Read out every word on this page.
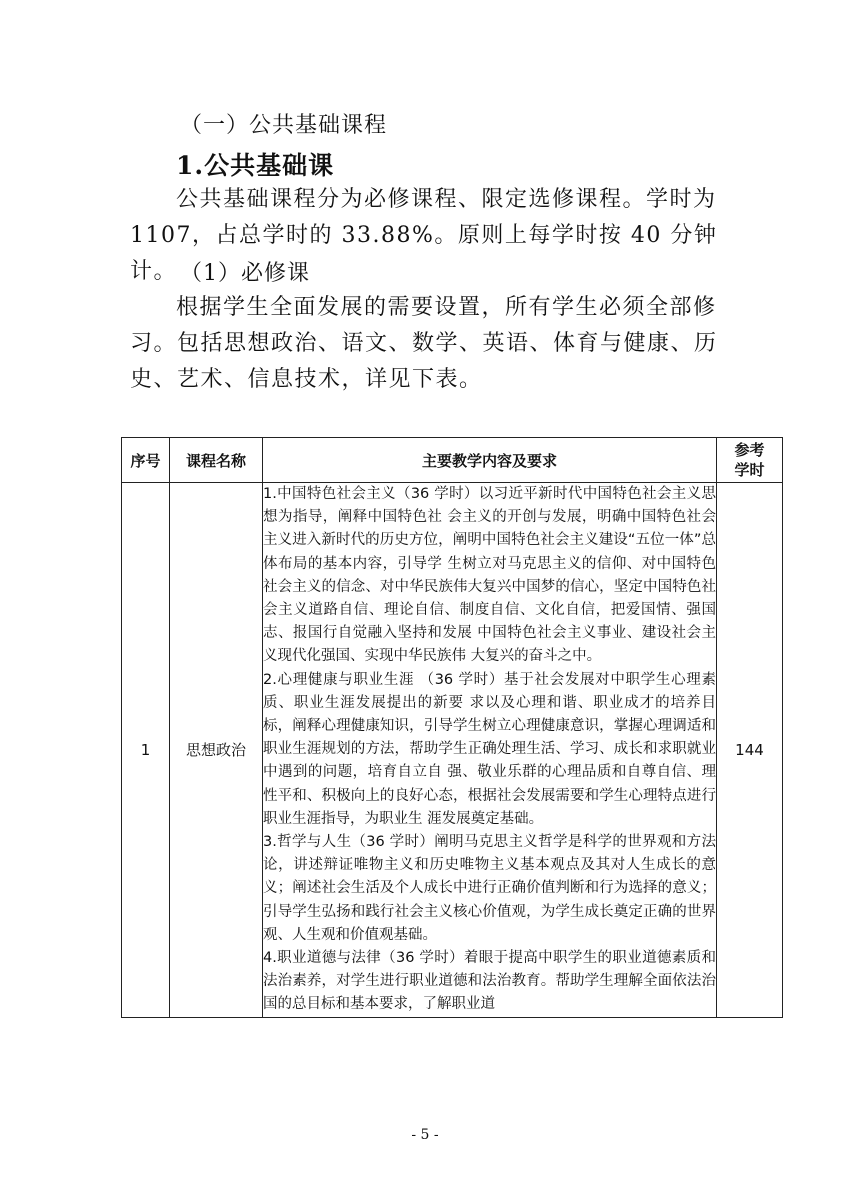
（一）公共基础课程
1.公共基础课
公共基础课程分为必修课程、限定选修课程。学时为1107，占总学时的 33.88%。原则上每学时按 40 分钟计。 （1）必修课
根据学生全面发展的需要设置，所有学生必须全部修习。包括思想政治、语文、数学、英语、体育与健康、历史、艺术、信息技术，详见下表。
序号	课程名称	主要教学内容及要求	参考学时
1	思想政治	1.中国特色社会主义（36 学时）以习近平新时代中国特色社会主义思想为指导，阐释中国特色社 会主义的开创与发展，明确中国特色社会主义进入新时代的历史方位，阐明中国特色社会主义建设“五位一体”总体布局的基本内容，引导学 生树立对马克思主义的信仰、对中国特色社会主义的信念、对中华民族伟大复兴中国梦的信心，坚定中国特色社会主义道路自信、理论自信、制度自信、文化自信，把爱国情、强国志、报国行自觉融入坚持和发展 中国特色社会主义事业、建设社会主义现代化强国、实现中华民族伟 大复兴的奋斗之中。

2.心理健康与职业生涯 （36 学时）基于社会发展对中职学生心理素质、职业生涯发展提出的新要 求以及心理和谐、职业成才的培养目标，阐释心理健康知识，引导学生树立心理健康意识，掌握心理调适和职业生涯规划的方法，帮助学生正确处理生活、学习、成长和求职就业中遇到的问题，培育自立自 强、敬业乐群的心理品质和自尊自信、理性平和、积极向上的良好心态，根据社会发展需要和学生心理特点进行职业生涯指导，为职业生 涯发展奠定基础。

3.哲学与人生（36 学时）阐明马克思主义哲学是科学的世界观和方法论，讲述辩证唯物主义和历史唯物主义基本观点及其对人生成长的意义；阐述社会生活及个人成长中进行正确价值判断和行为选择的意义；引导学生弘扬和践行社会主义核心价值观，为学生成长奠定正确的世界观、人生观和价值观基础。

4.职业道德与法律（36 学时）着眼于提高中职学生的职业道德素质和法治素养，对学生进行职业道德和法治教育。帮助学生理解全面依法治国的总目标和基本要求，了解职业道	144
- 5 -
